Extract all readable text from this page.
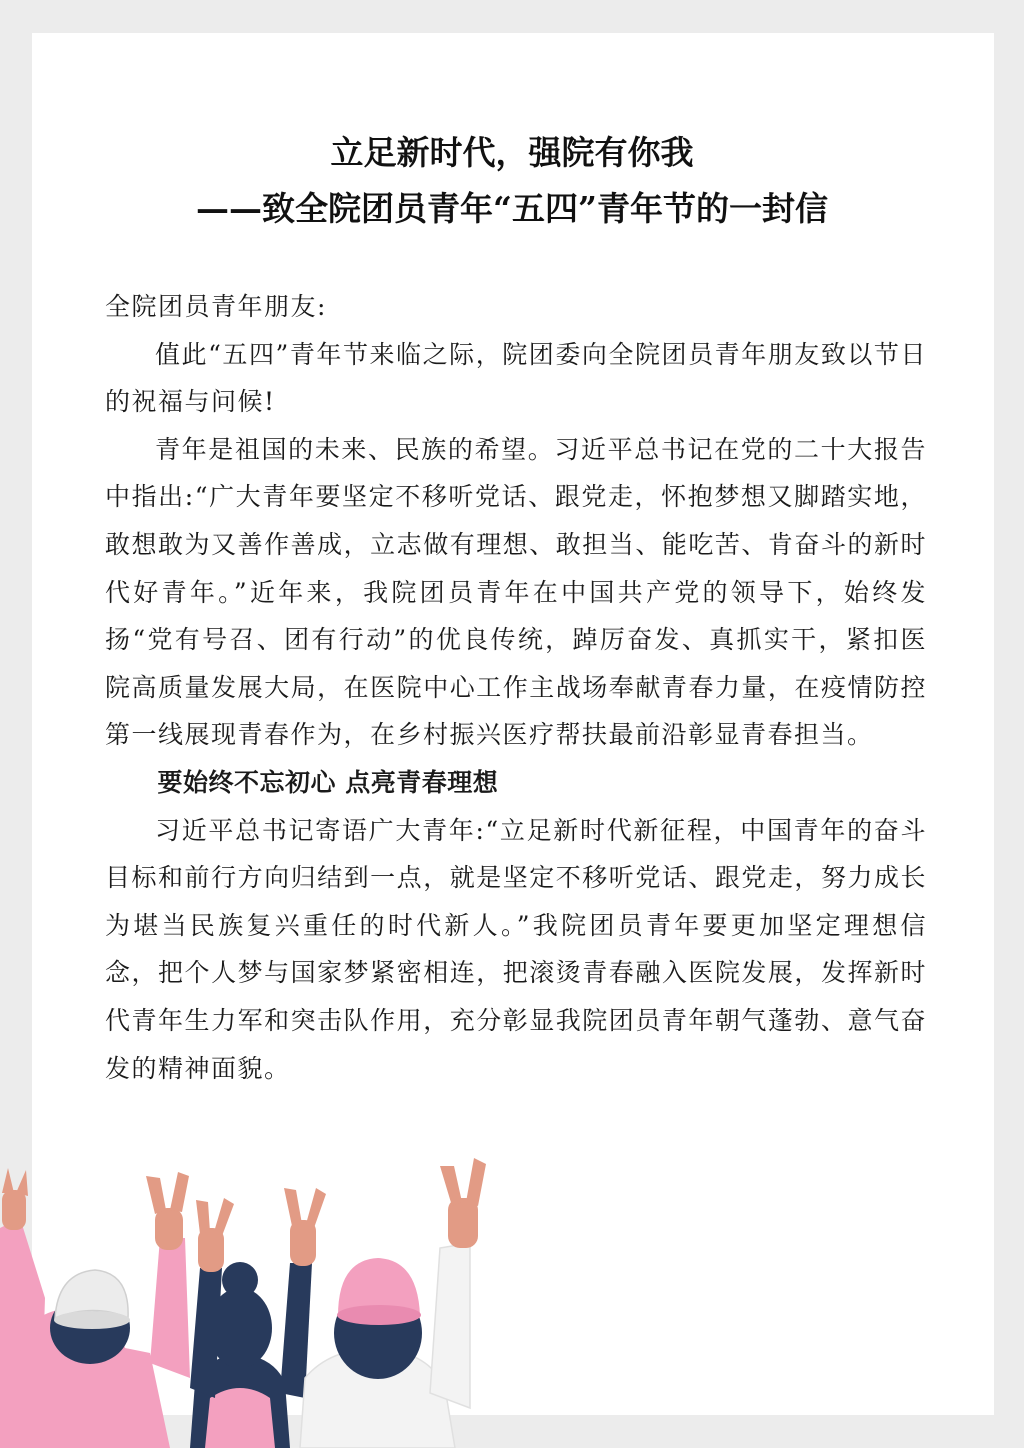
立足新时代，强院有你我
——致全院团员青年“五四”青年节的一封信

全院团员青年朋友:

值此“五四”青年节来临之际，院团委向全院团员青年朋友致以节日的祝福与问候!

青年是祖国的未来、民族的希望。习近平总书记在党的二十大报告中指出:“广大青年要坚定不移听党话、跟党走，怀抱梦想又脚踏实地，敢想敢为又善作善成，立志做有理想、敢担当、能吃苦、肯奋斗的新时代好青年。”近年来，我院团员青年在中国共产党的领导下，始终发扬“党有号召、团有行动”的优良传统，踔厉奋发、真抓实干，紧扣医院高质量发展大局，在医院中心工作主战场奉献青春力量，在疫情防控第一线展现青春作为，在乡村振兴医疗帮扶最前沿彰显青春担当。

要始终不忘初心 点亮青春理想

习近平总书记寄语广大青年:“立足新时代新征程，中国青年的奋斗目标和前行方向归结到一点，就是坚定不移听党话、跟党走，努力成长为堪当民族复兴重任的时代新人。”我院团员青年要更加坚定理想信念，把个人梦与国家梦紧密相连，把滚烫青春融入医院发展，发挥新时代青年生力军和突击队作用，充分彰显我院团员青年朝气蓬勃、意气奋发的精神面貌。
